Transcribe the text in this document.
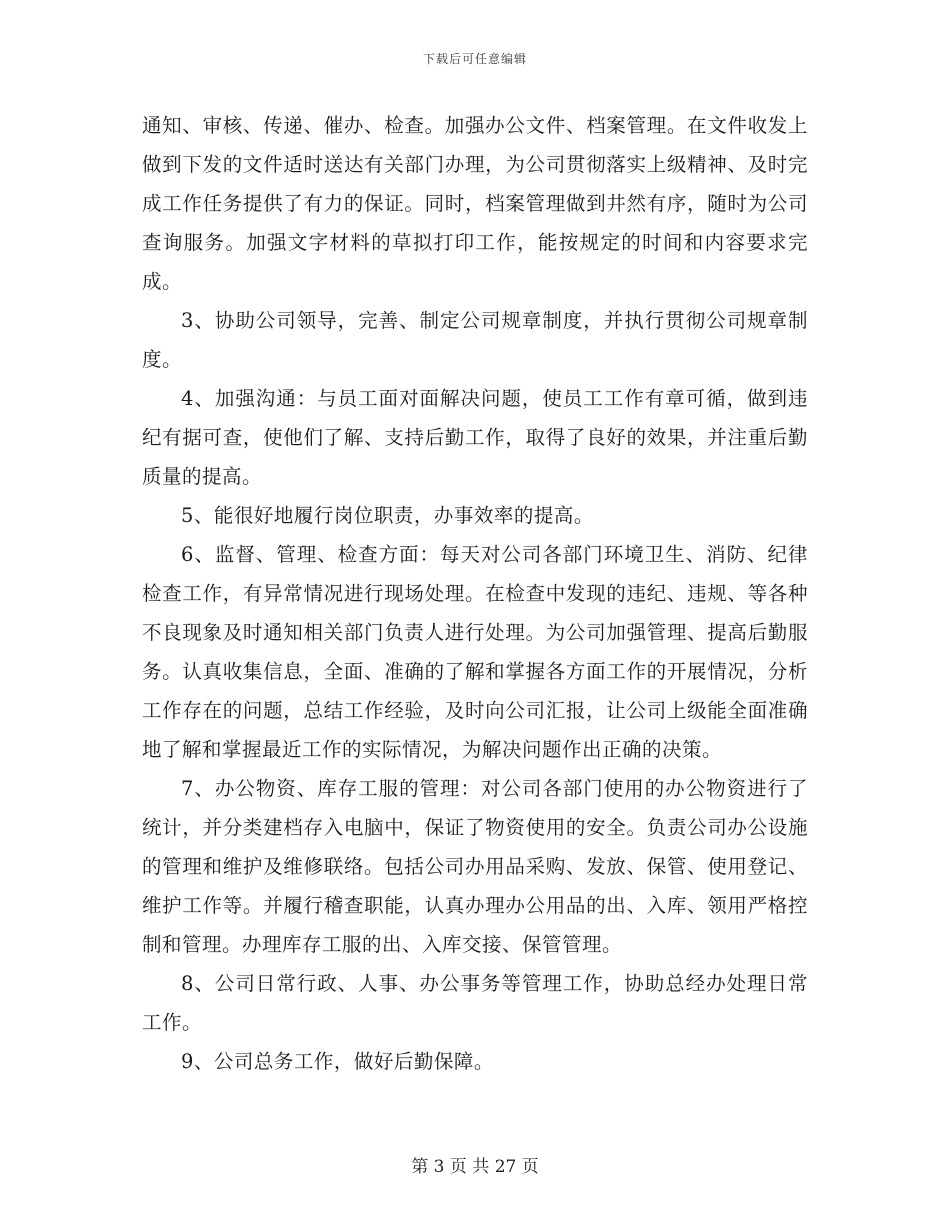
下载后可任意编辑

通知、审核、传递、催办、检查。加强办公文件、档案管理。在文件收发上做到下发的文件适时送达有关部门办理，为公司贯彻落实上级精神、及时完成工作任务提供了有力的保证。同时，档案管理做到井然有序，随时为公司查询服务。加强文字材料的草拟打印工作，能按规定的时间和内容要求完成。

3、协助公司领导，完善、制定公司规章制度，并执行贯彻公司规章制度。

4、加强沟通：与员工面对面解决问题，使员工工作有章可循，做到违纪有据可查，使他们了解、支持后勤工作，取得了良好的效果，并注重后勤质量的提高。

5、能很好地履行岗位职责，办事效率的提高。

6、监督、管理、检查方面：每天对公司各部门环境卫生、消防、纪律检查工作，有异常情况进行现场处理。在检查中发现的违纪、违规、等各种不良现象及时通知相关部门负责人进行处理。为公司加强管理、提高后勤服务。认真收集信息，全面、准确的了解和掌握各方面工作的开展情况，分析工作存在的问题，总结工作经验，及时向公司汇报，让公司上级能全面准确地了解和掌握最近工作的实际情况，为解决问题作出正确的决策。

7、办公物资、库存工服的管理：对公司各部门使用的办公物资进行了统计，并分类建档存入电脑中，保证了物资使用的安全。负责公司办公设施的管理和维护及维修联络。包括公司办用品采购、发放、保管、使用登记、维护工作等。并履行稽查职能，认真办理办公用品的出、入库、领用严格控制和管理。办理库存工服的出、入库交接、保管管理。

8、公司日常行政、人事、办公事务等管理工作，协助总经办处理日常工作。

9、公司总务工作，做好后勤保障。

第 3 页 共 27 页
